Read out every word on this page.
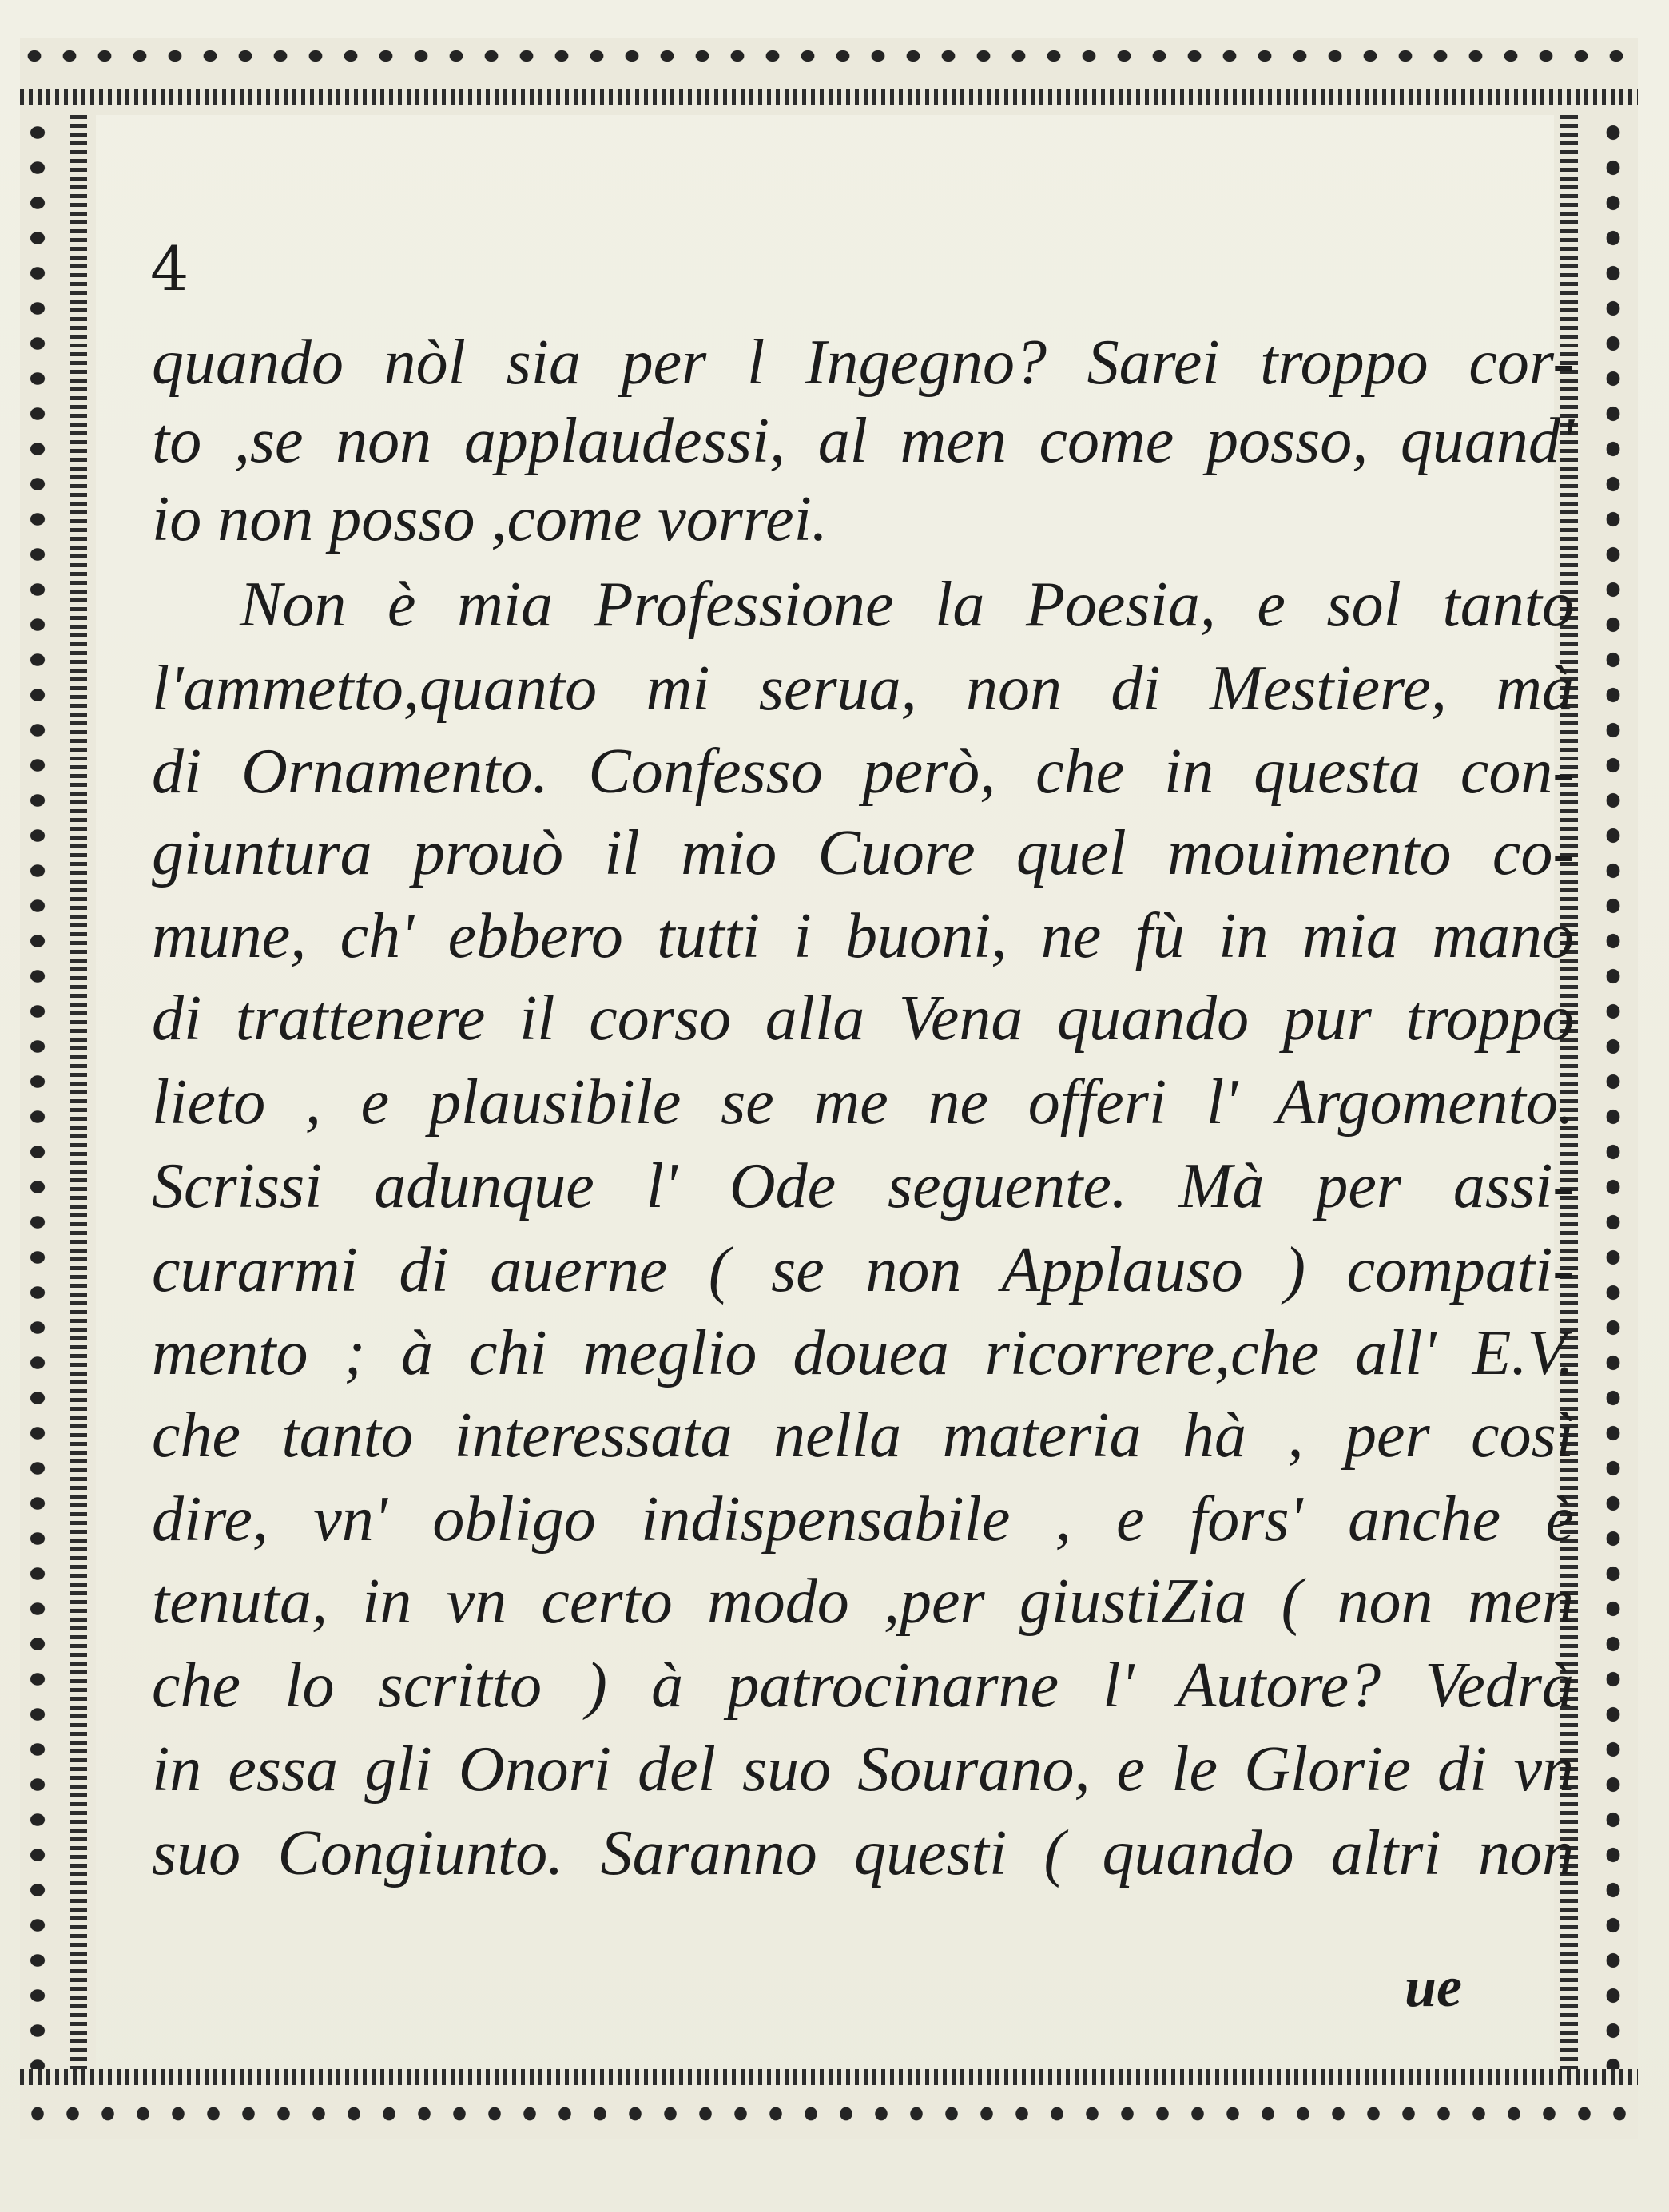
4

quando nòl sia per l Ingegno? Sarei troppo cor-

to ,se non applaudessi, al men come posso, quand'

io non posso ,come vorrei.

Non è mia Professione la Poesia, e sol tanto

l'ammetto,quanto mi serua, non di Mestiere, mà

di Ornamento. Confesso però, che in questa con-

giuntura prouò il mio Cuore quel mouimento co-

mune, ch' ebbero tutti i buoni, ne fù in mia mano

di trattenere il corso alla Vena quando pur troppo

lieto , e plausibile se me ne offeri l' Argomento.

Scrissi adunque l' Ode seguente. Mà per assi-

curarmi di auerne ( se non Applauso ) compati-

mento ; à chi meglio douea ricorrere,che all' E.V.

che tanto interessata nella materia hà , per così

dire, vn' obligo indispensabile , e fors' anche è

tenuta, in vn certo modo ,per giustiZia ( non men

che lo scritto ) à patrocinarne l' Autore? Vedrà

in essa gli Onori del suo Sourano, e le Glorie di vn

suo Congiunto. Saranno questi ( quando altri non

ue
